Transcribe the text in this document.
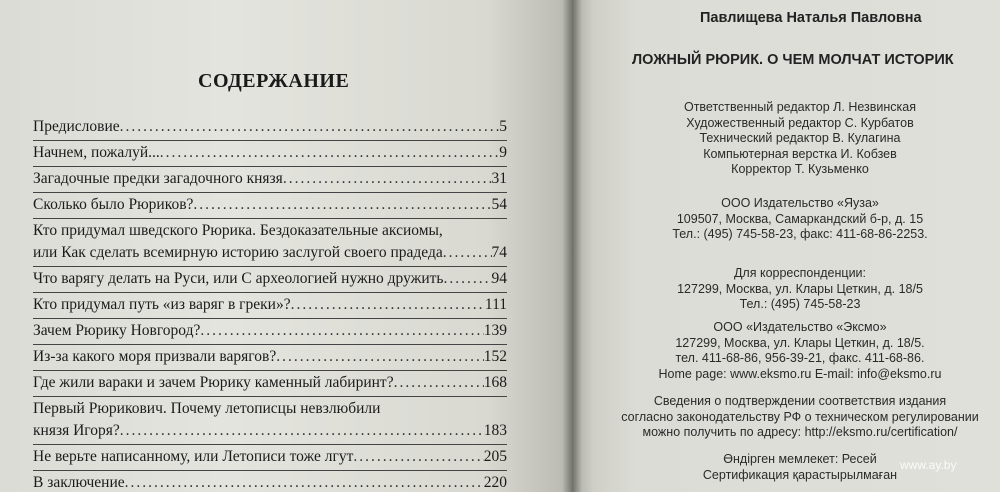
СОДЕРЖАНИЕ
Предисловие .....	5
Начнем, пожалуй... .....	9
Загадочные предки загадочного князя .....	31
Сколько было Рюриков? .....	54
Кто придумал шведского Рюрика. Бездоказательные аксиомы,
или Как сделать всемирную историю заслугой своего прадеда .....	74
Что варягу делать на Руси, или С археологией нужно дружить .....	94
Кто придумал путь «из варяг в греки»? .....	111
Зачем Рюрику Новгород? .....	139
Из-за какого моря призвали варягов? .....	152
Где жили вараки и зачем Рюрику каменный лабиринт? .....	168
Первый Рюрикович. Почему летописцы невзлюбили
князя Игоря? .....	183
Не верьте написанному, или Летописи тоже лгут .....	205
В заключение .....	220
Павлищева Наталья Павловна
ЛОЖНЫЙ РЮРИК. О ЧЕМ МОЛЧАТ ИСТОРИК
Ответственный редактор Л. Незвинская
Художественный редактор С. Курбатов
Технический редактор В. Кулагина
Компьютерная верстка И. Кобзев
Корректор Т. Кузьменко
ООО Издательство «Яуза»
109507, Москва, Самаркандский б-р, д. 15
Тел.: (495) 745-58-23, факс: 411-68-86-2253.
Для корреспонденции:
127299, Москва, ул. Клары Цеткин, д. 18/5
Тел.: (495) 745-58-23
ООО «Издательство «Эксмо»
127299, Москва, ул. Клары Цеткин, д. 18/5.
тел. 411-68-86, 956-39-21, факс. 411-68-86.
Home page: www.eksmo.ru E-mail: info@eksmo.ru
Сведения о подтверждении соответствия издания
согласно законодательству РФ о техническом регулировании
можно получить по адресу: http://eksmo.ru/certification/
Өндірген мемлекет: Ресей
Сертификация қарастырылмаған
www.ay.by
